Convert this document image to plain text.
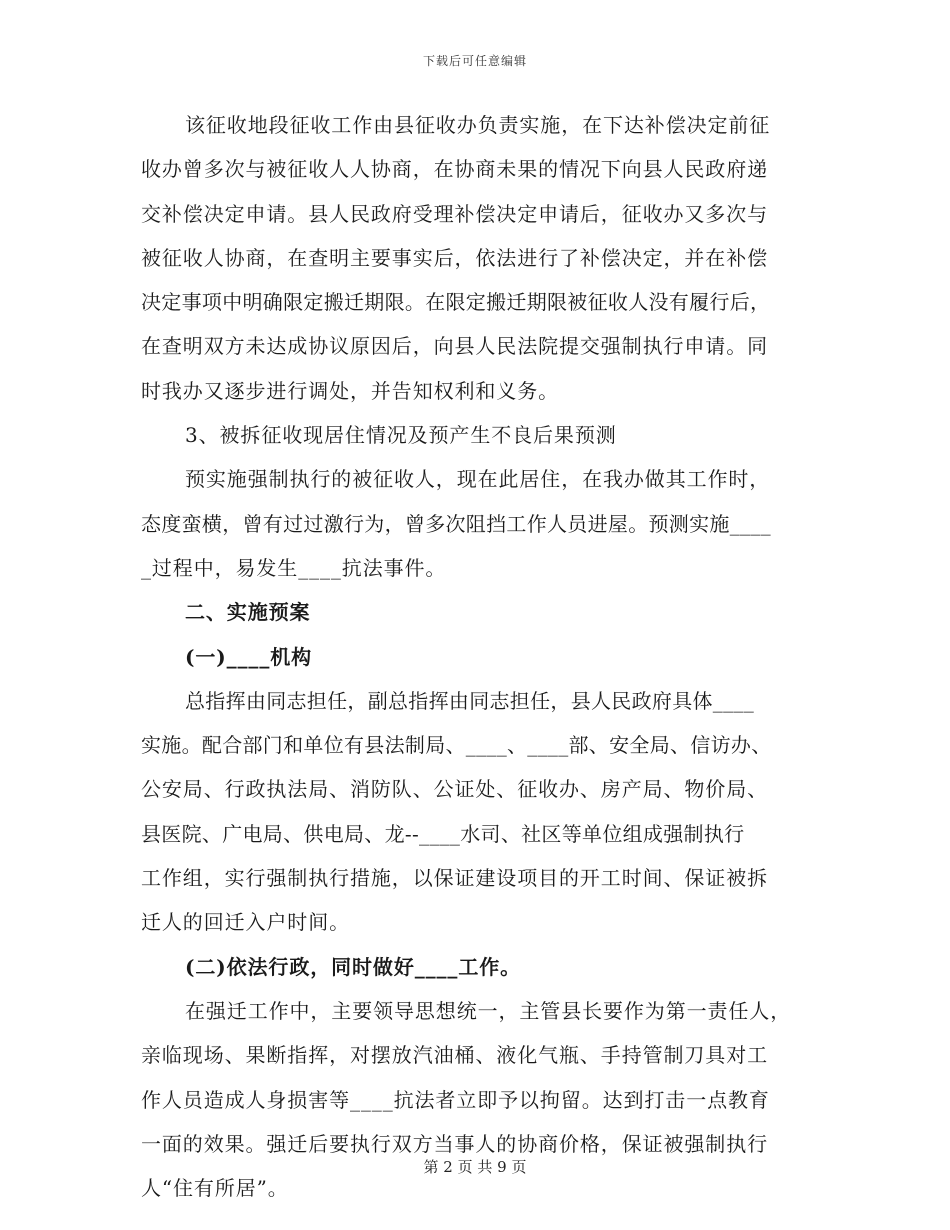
下载后可任意编辑
该征收地段征收工作由县征收办负责实施，在下达补偿决定前征
收办曾多次与被征收人人协商，在协商未果的情况下向县人民政府递
交补偿决定申请。县人民政府受理补偿决定申请后，征收办又多次与
被征收人协商，在查明主要事实后，依法进行了补偿决定，并在补偿
决定事项中明确限定搬迁期限。在限定搬迁期限被征收人没有履行后，
在查明双方未达成协议原因后，向县人民法院提交强制执行申请。同
时我办又逐步进行调处，并告知权利和义务。
3、被拆征收现居住情况及预产生不良后果预测
预实施强制执行的被征收人，现在此居住，在我办做其工作时，
态度蛮横，曾有过过激行为，曾多次阻挡工作人员进屋。预测实施____
_过程中，易发生____抗法事件。
二、实施预案
(一)____机构
总指挥由同志担任，副总指挥由同志担任，县人民政府具体____
实施。配合部门和单位有县法制局、____、____部、安全局、信访办、
公安局、行政执法局、消防队、公证处、征收办、房产局、物价局、
县医院、广电局、供电局、龙--____水司、社区等单位组成强制执行
工作组，实行强制执行措施，以保证建设项目的开工时间、保证被拆
迁人的回迁入户时间。
(二)依法行政，同时做好____工作。
在强迁工作中，主要领导思想统一，主管县长要作为第一责任人，
亲临现场、果断指挥，对摆放汽油桶、液化气瓶、手持管制刀具对工
作人员造成人身损害等____抗法者立即予以拘留。达到打击一点教育
一面的效果。强迁后要执行双方当事人的协商价格，保证被强制执行
人“住有所居”。
第 2 页 共 9 页
